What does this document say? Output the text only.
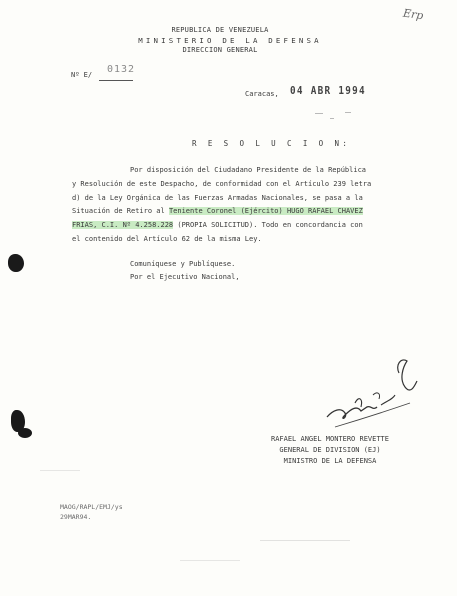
Erp
REPUBLICA DE VENEZUELA
MINISTERIO DE LA DEFENSA
DIRECCION GENERAL
Nº E/ 0132
Caracas, 04 ABR 1994
R E S O L U C I O N:
Por disposición del Ciudadano Presidente de la República
y Resolución de este Despacho, de conformidad con el Artículo 239 letra
d) de la Ley Orgánica de las Fuerzas Armadas Nacionales, se pasa a la
Situación de Retiro al Teniente Coronel (Ejército) HUGO RAFAEL CHAVEZ
FRIAS, C.I. Nº 4.258.228 (PROPIA SOLICITUD). Todo en concordancia con
el contenido del Artículo 62 de la misma Ley.
Comuníquese y Publíquese.
Por el Ejecutivo Nacional,
RAFAEL ANGEL MONTERO REVETTE
GENERAL DE DIVISION (EJ)
MINISTRO DE LA DEFENSA
MAOG/RAPL/EMJ/ys
29MAR94.
